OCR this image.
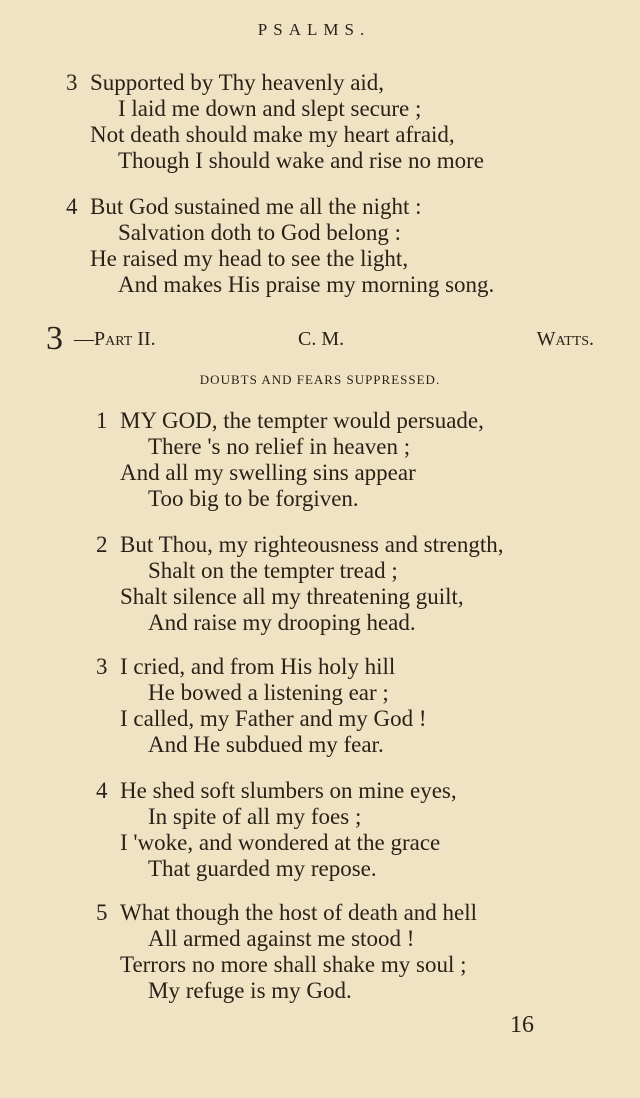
PSALMS.
3 Supported by Thy heavenly aid,
I laid me down and slept secure ;
Not death should make my heart afraid,
Though I should wake and rise no more
4 But God sustained me all the night :
Salvation doth to God belong :
He raised my head to see the light,
And makes His praise my morning song.
3 —Part II.	C. M.	Watts.
DOUBTS AND FEARS SUPPRESSED.
1 MY GOD, the tempter would persuade,
There 's no relief in heaven ;
And all my swelling sins appear
Too big to be forgiven.
2 But Thou, my righteousness and strength,
Shalt on the tempter tread ;
Shalt silence all my threatening guilt,
And raise my drooping head.
3 I cried, and from His holy hill
He bowed a listening ear ;
I called, my Father and my God !
And He subdued my fear.
4 He shed soft slumbers on mine eyes,
In spite of all my foes ;
I 'woke, and wondered at the grace
That guarded my repose.
5 What though the host of death and hell
All armed against me stood !
Terrors no more shall shake my soul ;
My refuge is my God.
16
